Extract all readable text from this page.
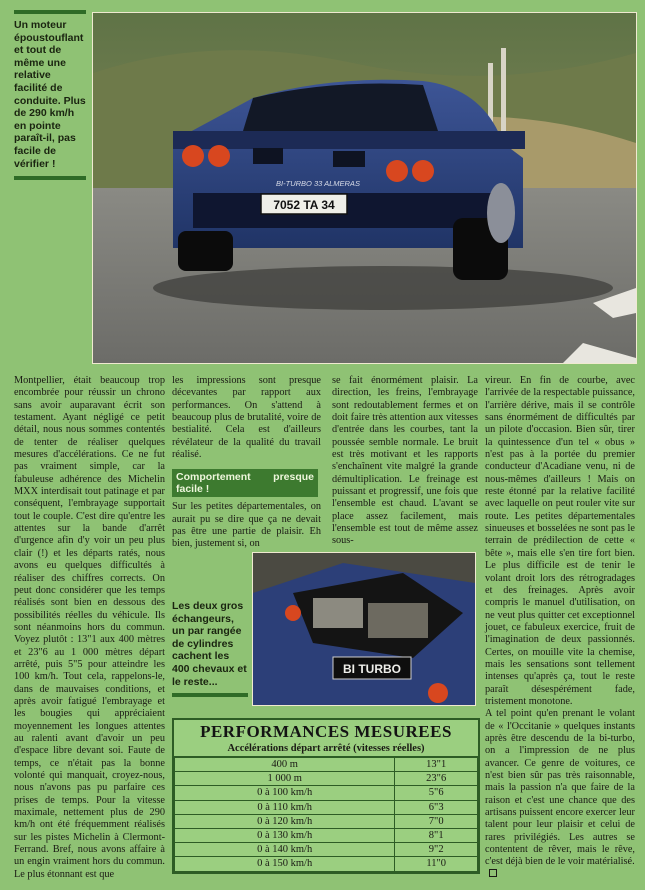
Un moteur époustouflant et tout de même une relative facilité de conduite. Plus de 290 km/h en pointe paraît-il, pas facile de vérifier !
7052 TA 34
BI-TURBO 33 ALMERAS

Montpellier, était beaucoup trop encombrée pour réussir un chrono sans avoir auparavant écrit son testament. Ayant négligé ce petit détail, nous nous sommes contentés de tenter de réaliser quelques mesures d'accélérations. Ce ne fut pas vraiment simple, car la fabuleuse adhérence des Michelin MXX interdisait tout patinage et par conséquent, l'embrayage supportait tout le couple. C'est dire qu'entre les attentes sur la bande d'arrêt d'urgence afin d'y voir un peu plus clair (!) et les départs ratés, nous avons eu quelques difficultés à réaliser des chiffres corrects. On peut donc considérer que les temps réalisés sont bien en dessous des possibilités réelles du véhicule. Ils sont néanmoins hors du commun. Voyez plutôt : 13"1 aux 400 mètres et 23"6 au 1 000 mètres départ arrêté, puis 5"5 pour atteindre les 100 km/h. Tout cela, rappelons-le, dans de mauvaises conditions, et après avoir fatigué l'embrayage et les bougies qui appréciaient moyennement les longues attentes au ralenti avant d'avoir un peu d'espace libre devant soi. Faute de temps, ce n'était pas la bonne volonté qui manquait, croyez-nous, nous n'avons pas pu parfaire ces prises de temps. Pour la vitesse maximale, nettement plus de 290 km/h ont été fréquemment réalisés sur les pistes Michelin à Clermont-Ferrand. Bref, nous avons affaire à un engin vraiment hors du commun. Le plus étonnant est que

les impressions sont presque décevantes par rapport aux performances. On s'attend à beaucoup plus de brutalité, voire de bestialité. Cela est d'ailleurs révélateur de la qualité du travail réalisé.

Comportement presque facile !

Sur les petites départementales, on aurait pu se dire que ça ne devait pas être une partie de plaisir. Eh bien, justement si, on

se fait énormément plaisir. La direction, les freins, l'embrayage sont redoutablement fermes et on doit faire très attention aux vitesses d'entrée dans les courbes, tant la poussée semble normale. Le bruit est très motivant et les rapports s'enchaînent vite malgré la grande démultiplication. Le freinage est puissant et progressif, une fois que l'ensemble est chaud. L'avant se place assez facilement, mais l'ensemble est tout de même assez sous-

vireur. En fin de courbe, avec l'arrivée de la respectable puissance, l'arrière dérive, mais il se contrôle sans énormément de difficultés par un pilote d'occasion. Bien sûr, tirer la quintessence d'un tel « obus » n'est pas à la portée du premier conducteur d'Acadiane venu, ni de nous-mêmes d'ailleurs ! Mais on reste étonné par la relative facilité avec laquelle on peut rouler vite sur route. Les petites départementales sinueuses et bosselées ne sont pas le terrain de prédilection de cette « bête », mais elle s'en tire fort bien. Le plus difficile est de tenir le volant droit lors des rétrogradages et des freinages. Après avoir compris le manuel d'utilisation, on ne veut plus quitter cet exceptionnel jouet, ce fabuleux exercice, fruit de l'imagination de deux passionnés. Certes, on mouille vite la chemise, mais les sensations sont tellement intenses qu'après ça, tout le reste paraît désespérément fade, tristement monotone.

A tel point qu'en prenant le volant de « l'Occitanie » quelques instants après être descendu de la bi-turbo, on a l'impression de ne plus avancer. Ce genre de voitures, ce n'est bien sûr pas très raisonnable, mais la passion n'a que faire de la raison et c'est une chance que des artisans puissent encore exercer leur talent pour leur plaisir et celui de rares privilégiés. Les autres se contentent de rêver, mais le rêve, c'est déjà bien de le voir matérialisé.

Les deux gros échangeurs, un par rangée de cylindres cachent les 400 chevaux et le reste...
BI TURBO
PERFORMANCES MESUREES
Accélérations départ arrêté (vitesses réelles)
400 m	13"1
1 000 m	23"6
0 à 100 km/h	5"6
0 à 110 km/h	6"3
0 à 120 km/h	7"0
0 à 130 km/h	8"1
0 à 140 km/h	9"2
0 à 150 km/h	11"0
